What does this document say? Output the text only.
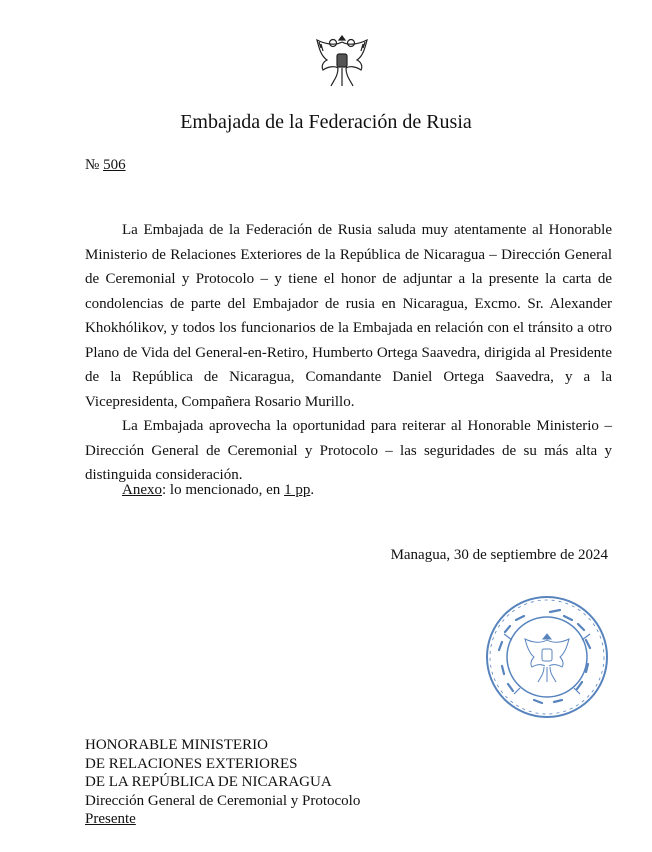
Embajada de la Federación de Rusia
№ 506

La Embajada de la Federación de Rusia saluda muy atentamente al Honorable Ministerio de Relaciones Exteriores de la República de Nicaragua – Dirección General de Ceremonial y Protocolo – y tiene el honor de adjuntar a la presente la carta de condolencias de parte del Embajador de rusia en Nicaragua, Excmo. Sr. Alexander Khokhólikov, y todos los funcionarios de la Embajada en relación con el tránsito a otro Plano de Vida del General-en-Retiro, Humberto Ortega Saavedra, dirigida al Presidente de la República de Nicaragua, Comandante Daniel Ortega Saavedra, y a la Vicepresidenta, Compañera Rosario Murillo.

La Embajada aprovecha la oportunidad para reiterar al Honorable Ministerio – Dirección General de Ceremonial y Protocolo – las seguridades de su más alta y distinguida consideración.

Anexo: lo mencionado, en 1 pp.
Managua, 30 de septiembre de 2024
HONORABLE MINISTERIO
DE RELACIONES EXTERIORES
DE LA REPÚBLICA DE NICARAGUA
Dirección General de Ceremonial y Protocolo
Presente
